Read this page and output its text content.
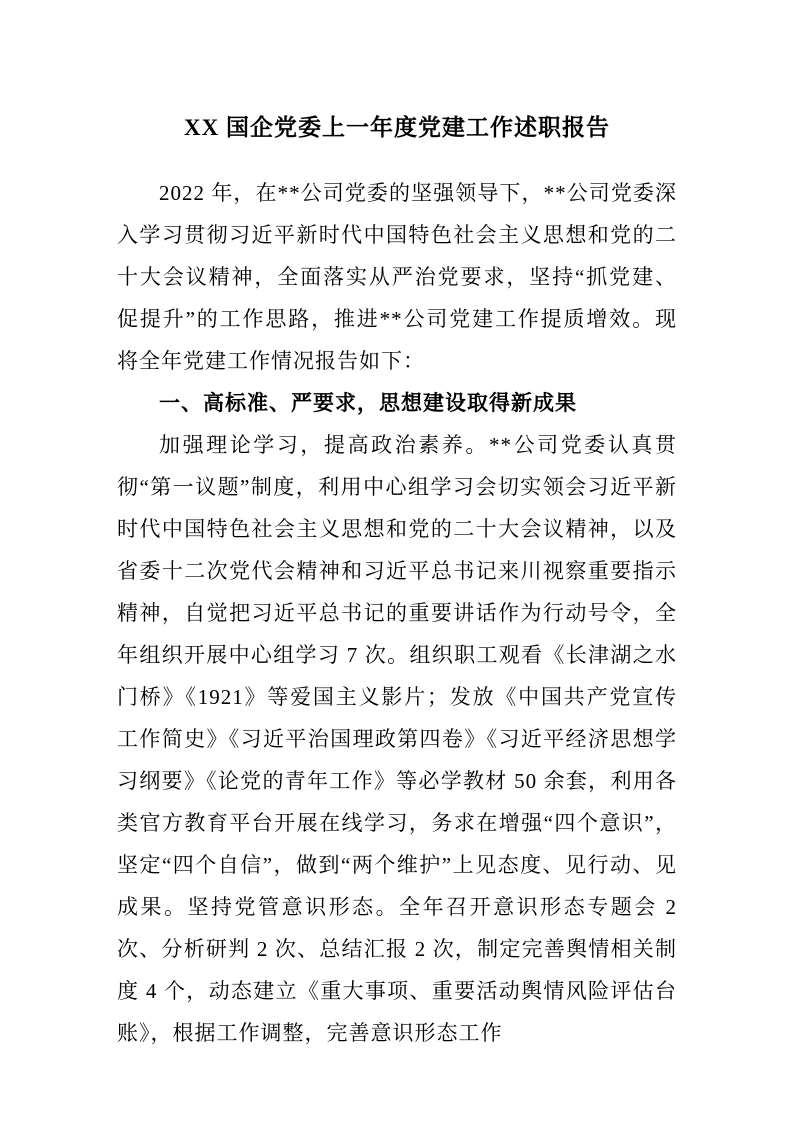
XX 国企党委上一年度党建工作述职报告

2022 年，在**公司党委的坚强领导下，**公司党委深入学习贯彻习近平新时代中国特色社会主义思想和党的二十大会议精神，全面落实从严治党要求，坚持“抓党建、促提升”的工作思路，推进**公司党建工作提质增效。现将全年党建工作情况报告如下：

一、高标准、严要求，思想建设取得新成果

加强理论学习，提高政治素养。**公司党委认真贯彻“第一议题”制度，利用中心组学习会切实领会习近平新时代中国特色社会主义思想和党的二十大会议精神，以及省委十二次党代会精神和习近平总书记来川视察重要指示精神，自觉把习近平总书记的重要讲话作为行动号令，全年组织开展中心组学习 7 次。组织职工观看《长津湖之水门桥》《1921》等爱国主义影片；发放《中国共产党宣传工作简史》《习近平治国理政第四卷》《习近平经济思想学习纲要》《论党的青年工作》等必学教材 50 余套，利用各类官方教育平台开展在线学习，务求在增强“四个意识”，坚定“四个自信”，做到“两个维护”上见态度、见行动、见成果。坚持党管意识形态。全年召开意识形态专题会 2 次、分析研判 2 次、总结汇报 2 次，制定完善舆情相关制度 4 个，动态建立《重大事项、重要活动舆情风险评估台账》，根据工作调整，完善意识形态工作
